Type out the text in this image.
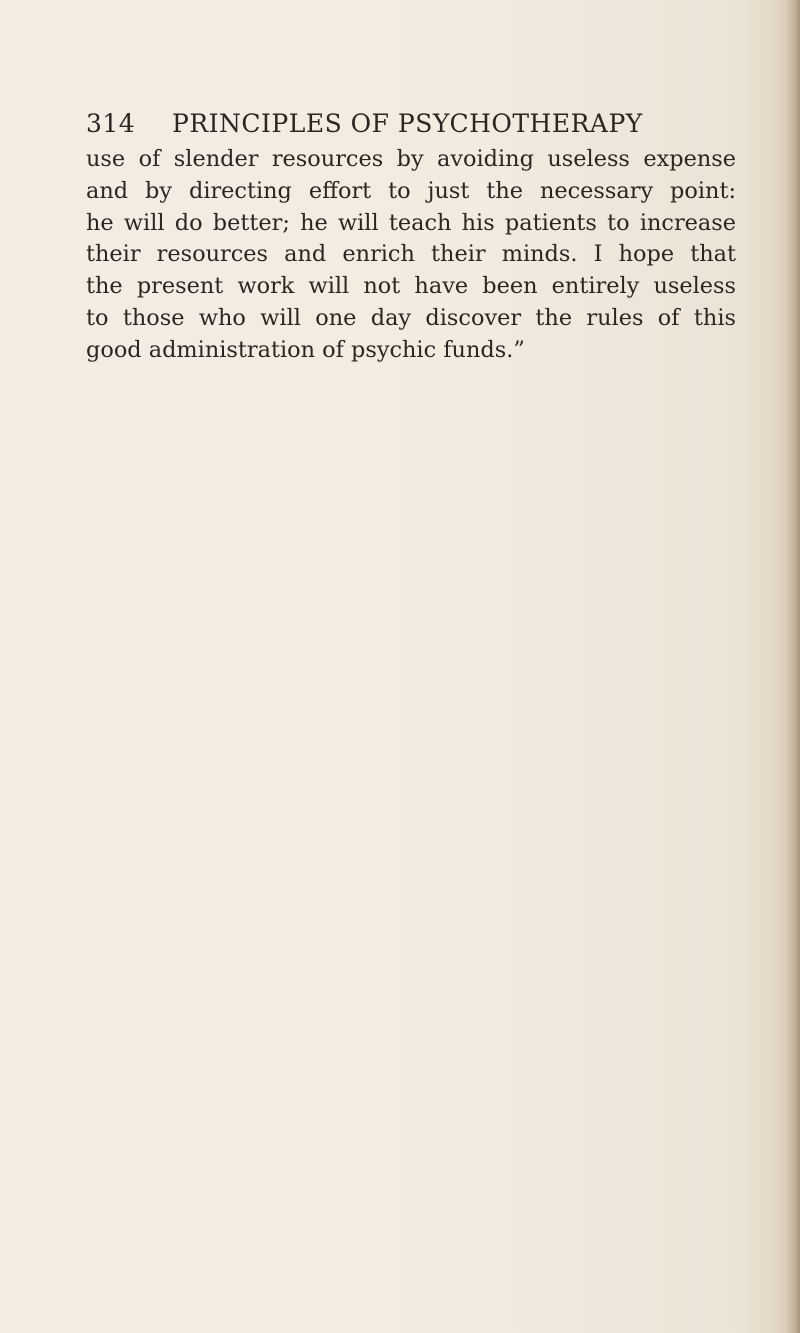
314 PRINCIPLES OF PSYCHOTHERAPY
use of slender resources by avoiding useless expense
and by directing effort to just the necessary point:
he will do better; he will teach his patients to increase
their resources and enrich their minds. I hope that
the present work will not have been entirely useless
to those who will one day discover the rules of this
good administration of psychic funds.”
